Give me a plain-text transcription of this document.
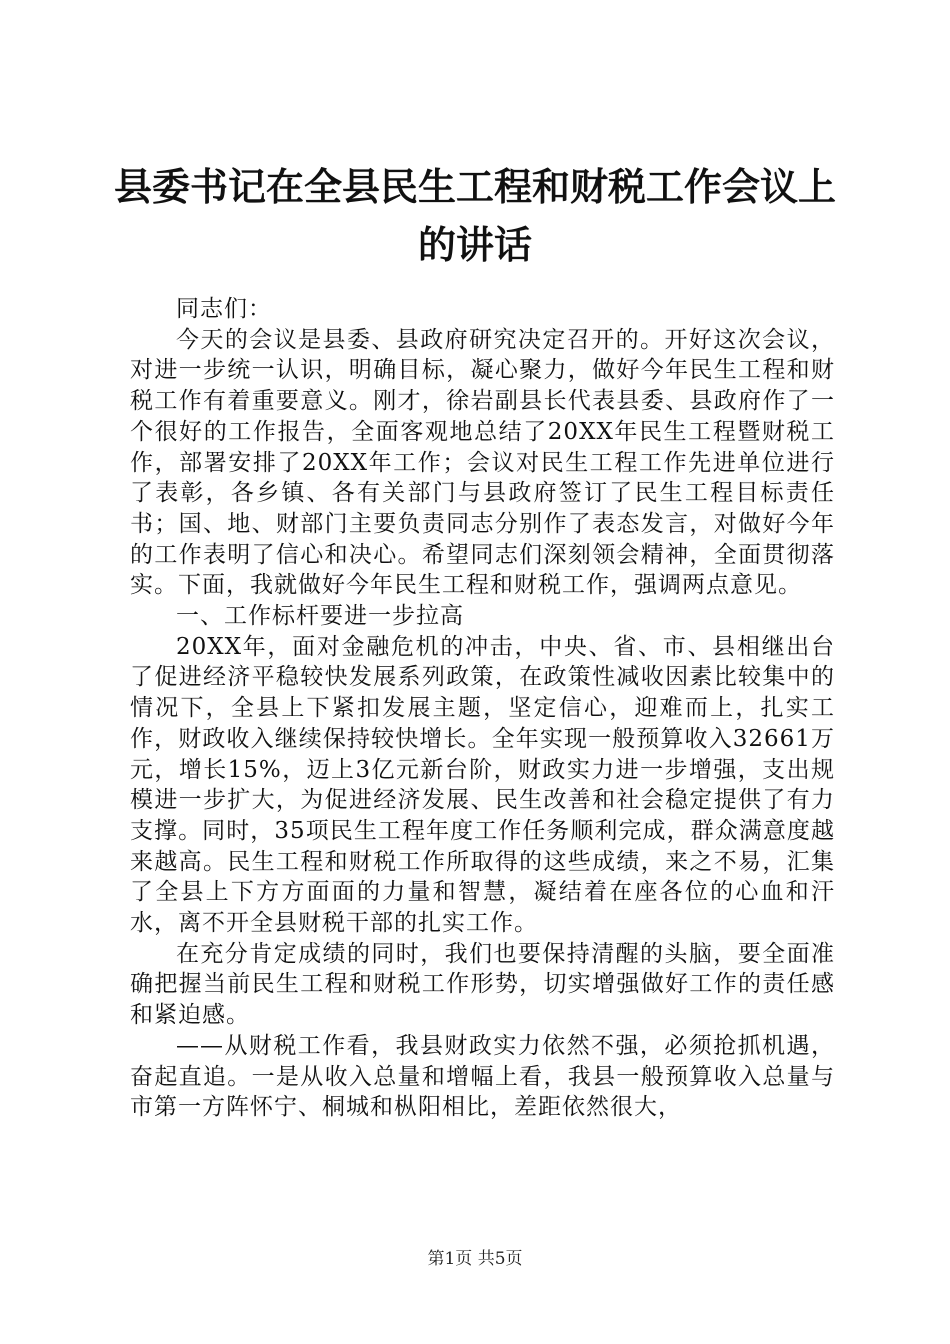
县委书记在全县民生工程和财税工作会议上的讲话

同志们：

今天的会议是县委、县政府研究决定召开的。开好这次会议，对进一步统一认识，明确目标，凝心聚力，做好今年民生工程和财税工作有着重要意义。刚才，徐岩副县长代表县委、县政府作了一个很好的工作报告，全面客观地总结了20XX年民生工程暨财税工作，部署安排了20XX年工作；会议对民生工程工作先进单位进行了表彰，各乡镇、各有关部门与县政府签订了民生工程目标责任书；国、地、财部门主要负责同志分别作了表态发言，对做好今年的工作表明了信心和决心。希望同志们深刻领会精神，全面贯彻落实。下面，我就做好今年民生工程和财税工作，强调两点意见。

一、工作标杆要进一步拉高

20XX年，面对金融危机的冲击，中央、省、市、县相继出台了促进经济平稳较快发展系列政策，在政策性减收因素比较集中的情况下，全县上下紧扣发展主题，坚定信心，迎难而上，扎实工作，财政收入继续保持较快增长。全年实现一般预算收入32661万元，增长15%，迈上3亿元新台阶，财政实力进一步增强，支出规模进一步扩大，为促进经济发展、民生改善和社会稳定提供了有力支撑。同时，35项民生工程年度工作任务顺利完成，群众满意度越来越高。民生工程和财税工作所取得的这些成绩，来之不易，汇集了全县上下方方面面的力量和智慧，凝结着在座各位的心血和汗水，离不开全县财税干部的扎实工作。

在充分肯定成绩的同时，我们也要保持清醒的头脑，要全面准确把握当前民生工程和财税工作形势，切实增强做好工作的责任感和紧迫感。

——从财税工作看，我县财政实力依然不强，必须抢抓机遇，奋起直追。一是从收入总量和增幅上看，我县一般预算收入总量与市第一方阵怀宁、桐城和枞阳相比，差距依然很大，

第1页 共5页
